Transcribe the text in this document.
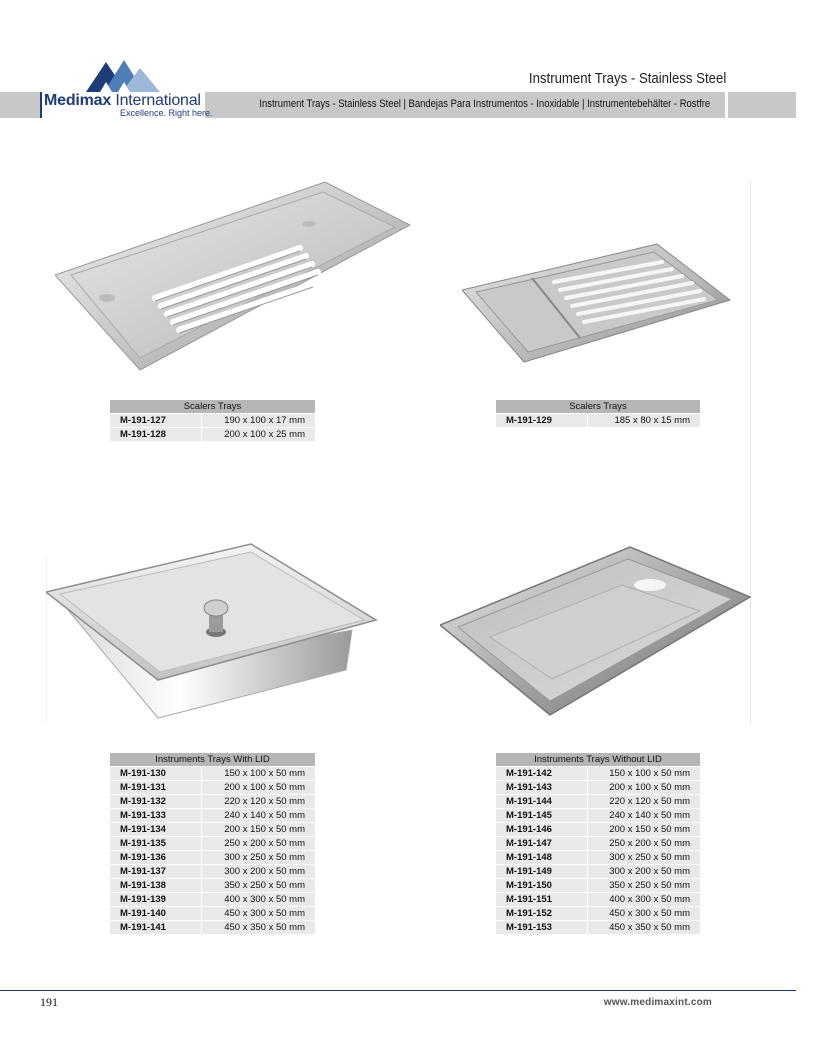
Medimax International
Excellence. Right here.
Instrument Trays - Stainless Steel
Instrument Trays - Stainless Steel | Bandejas Para Instrumentos - Inoxidable | Instrumentebehälter - Rostfre
Scalers Trays	
M-191-127	190 x 100 x 17 mm
M-191-128	200 x 100 x 25 mm
Scalers Trays
M-191-129	185 x 80 x 15 mm
Instruments Trays With LID	
M-191-130	150 x 100 x 50 mm
M-191-131	200 x 100 x 50 mm
M-191-132	220 x 120 x 50 mm
M-191-133	240 x 140 x 50 mm
M-191-134	200 x 150 x 50 mm
M-191-135	250 x 200 x 50 mm
M-191-136	300 x 250 x 50 mm
M-191-137	300 x 200 x 50 mm
M-191-138	350 x 250 x 50 mm
M-191-139	400 x 300 x 50 mm
M-191-140	450 x 300 x 50 mm
M-191-141	450 x 350 x 50 mm
Instruments Trays Without LID	
M-191-142	150 x 100 x 50 mm
M-191-143	200 x 100 x 50 mm
M-191-144	220 x 120 x 50 mm
M-191-145	240 x 140 x 50 mm
M-191-146	200 x 150 x 50 mm
M-191-147	250 x 200 x 50 mm
M-191-148	300 x 250 x 50 mm
M-191-149	300 x 200 x 50 mm
M-191-150	350 x 250 x 50 mm
M-191-151	400 x 300 x 50 mm
M-191-152	450 x 300 x 50 mm
M-191-153	450 x 350 x 50 mm
191	www.medimaxint.com
